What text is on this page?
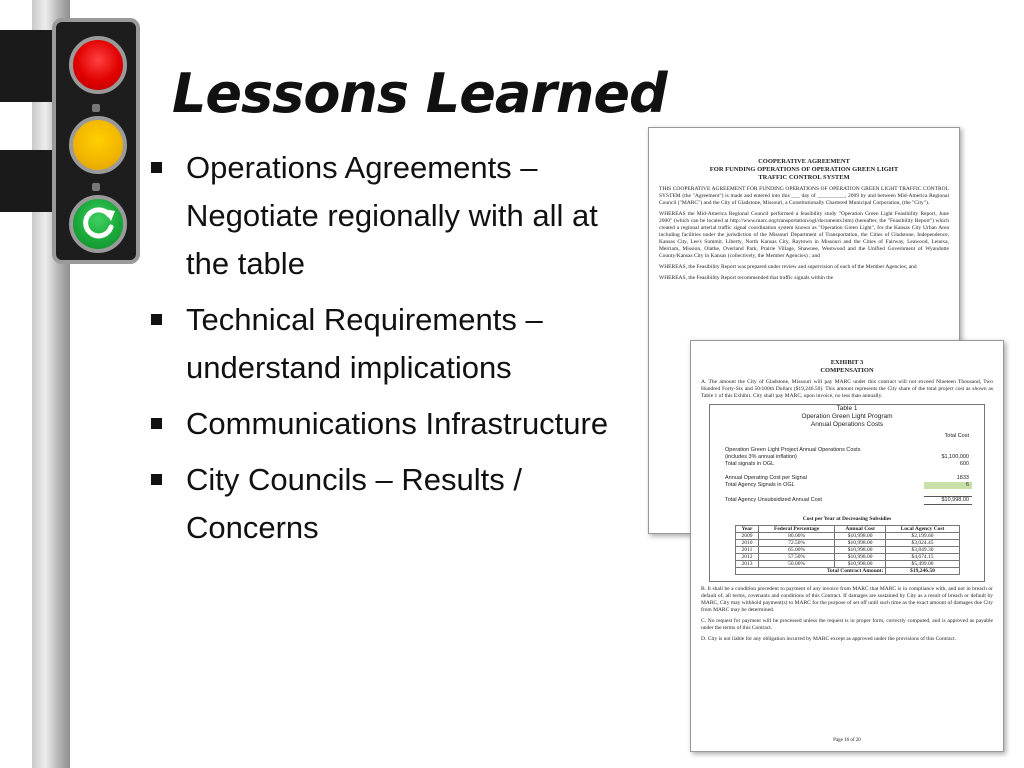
Lessons Learned
Operations Agreements – Negotiate regionally with all at the table
Technical Requirements – understand implications
Communications Infrastructure
City Councils – Results / Concerns
COOPERATIVE AGREEMENT
FOR FUNDING OPERATIONS OF OPERATION GREEN LIGHT
TRAFFIC CONTROL SYSTEM

THIS COOPERATIVE AGREEMENT FOR FUNDING OPERATIONS OF OPERATION GREEN LIGHT TRAFFIC CONTROL SYSTEM (the "Agreement") is made and entered into this ___ day of __________, 2009 by and between Mid-America Regional Council ("MARC") and the City of Gladstone, Missouri, a Constitutionally Chartered Municipal Corporation, (the "City").

WHEREAS the Mid-America Regional Council performed a feasibility study "Operation Green Light Feasibility Report, June 2000" (which can be located at http://www.marc.org/transportation/ogl/documents.htm) (hereafter, the "Feasibility Report") which created a regional arterial traffic signal coordination system known as "Operation Green Light", for the Kansas City Urban Area including facilities under the jurisdiction of the Missouri Department of Transportation, the Cities of Gladstone, Independence, Kansas City, Lee's Summit, Liberty, North Kansas City, Raytown in Missouri and the Cities of Fairway, Leawood, Lenexa, Merriam, Mission, Olathe, Overland Park, Prairie Village, Shawnee, Westwood and the Unified Government of Wyandotte County/Kansas City in Kansas (collectively, the Member Agencies) ; and

WHEREAS, the Feasibility Report was prepared under review and supervision of each of the Member Agencies; and

WHEREAS, the Feasibility Report recommended that traffic signals within the

EXHIBIT 3
COMPENSATION

A. The amount the City of Gladstone, Missouri will pay MARC under this contract will not exceed Nineteen Thousand, Two Hundred Forty-Six and 50/100th Dollars ($19,246.50). This amount represents the City share of the total project cost as shown as Table 1 of this Exhibit. City shall pay MARC, upon invoice, no less than annually.

Table 1
Operation Green Light Program
Annual Operations Costs
	Total Cost

Operation Green Light Project Annual Operations Costs	
(includes 3% annual inflation)	$1,100,000
Total signals in OGL	600

Annual Operating Cost per Signal	1833
Total Agency Signals in OGL	6

Total Agency Unsubsidized Annual Cost	$10,998.00
Cost per Year at Decreasing Subsidies
Year	Federal Percentage	Annual Cost	Local Agency Cost
2009	80.00%	$10,998.00	$2,199.60
2010	72.50%	$10,998.00	$3,024.45
2011	65.00%	$10,998.00	$3,849.30
2012	57.50%	$10,998.00	$4,674.15
2013	50.00%	$10,998.00	$5,499.00
Total Contract Amount:			$19,246.50

B. It shall be a condition precedent to payment of any invoice from MARC that MARC is in compliance with, and not in breach or default of, all terms, covenants and conditions of this Contract. If damages are sustained by City as a result of breach or default by MARC, City may withhold payment(s) to MARC for the purpose of set off until such time as the exact amount of damages due City from MARC may be determined.

C. No request for payment will be processed unless the request is in proper form, correctly computed, and is approved as payable under the terms of this Contract.

D. City is not liable for any obligation incurred by MARC except as approved under the provisions of this Contract.

Page 16 of 20
